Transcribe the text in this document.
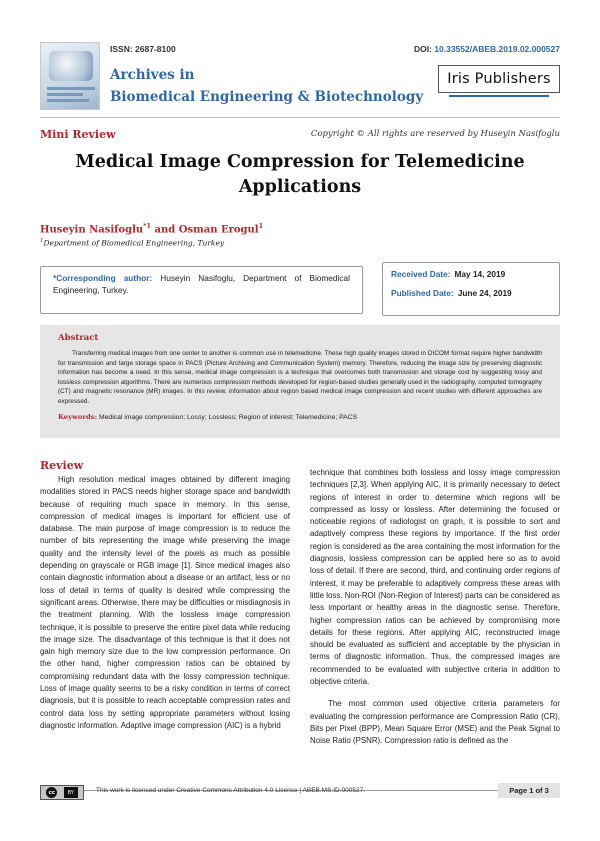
ISSN: 2687-8100
Archives in
Biomedical Engineering & Biotechnology
DOI: 10.33552/ABEB.2019.02.000527
Iris Publishers
Mini Review	Copyright © All rights are reserved by Huseyin Nasifoglu
Medical Image Compression for Telemedicine
Applications
Huseyin Nasifoglu$^{*1}$ and Osman Erogul$^1$
$^1$Department of Biomedical Engineering, Turkey
*Corresponding author: Huseyin Nasifoglu, Department of Biomedical Engineering, Turkey.
Received Date: May 14, 2019
Published Date: June 24, 2019
Abstract
Transferring medical images from one center to another is common use in telemedicine. These high quality images stored in DICOM format require higher bandwidth for transmission and large storage space in PACS (Picture Archiving and Communication System) memory. Therefore, reducing the image size by preserving diagnostic information has become a need. In this sense, medical image compression is a technique that overcomes both transmission and storage cost by suggesting lossy and lossless compression algorithms. There are numerous compression methods developed for region-based studies generally used in the radiography, computed tomography (CT) and magnetic resonance (MR) images. In this review, information about region based medical image compression and recent studies with different approaches are expressed.
Keywords: Medical image compression; Lossy; Lossless; Region of interest; Telemedicine; PACS
Review

High resolution medical images obtained by different imaging modalities stored in PACS needs higher storage space and bandwidth because of requiring much space in memory. In this sense, compression of medical images is important for efficient use of database. The main purpose of image compression is to reduce the number of bits representing the image while preserving the image quality and the intensity level of the pixels as much as possible depending on grayscale or RGB image [1]. Since medical images also contain diagnostic information about a disease or an artifact, less or no loss of detail in terms of quality is desired while compressing the significant areas. Otherwise, there may be difficulties or misdiagnosis in the treatment planning. With the lossless image compression technique, it is possible to preserve the entire pixel data while reducing the image size. The disadvantage of this technique is that it does not gain high memory size due to the low compression performance. On the other hand, higher compression ratios can be obtained by compromising redundant data with the lossy compression technique. Loss of image quality seems to be a risky condition in terms of correct diagnosis, but it is possible to reach acceptable compression rates and control data loss by setting appropriate parameters without losing diagnostic information. Adaptive image compression (AIC) is a hybrid

technique that combines both lossless and lossy image compression techniques [2,3]. When applying AIC, it is primarily necessary to detect regions of interest in order to determine which regions will be compressed as lossy or lossless. After determining the focused or noticeable regions of radiologist on graph, it is possible to sort and adaptively compress these regions by importance. If the first order region is considered as the area containing the most information for the diagnosis, lossless compression can be applied here so as to avoid loss of detail. If there are second, third, and continuing order regions of interest, it may be preferable to adaptively compress these areas with little loss. Non-ROI (Non-Region of Interest) parts can be considered as less important or healthy areas in the diagnostic sense. Therefore, higher compression ratios can be achieved by compromising more details for these regions. After applying AIC, reconstructed image should be evaluated as sufficient and acceptable by the physician in terms of diagnostic information. Thus, the compressed images are recommended to be evaluated with subjective criteria in addition to objective criteria.

The most common used objective criteria parameters for evaluating the compression performance are Compression Ratio (CR), Bits per Pixel (BPP), Mean Square Error (MSE) and the Peak Signal to Noise Ratio (PSNR). Compression ratio is defined as the

cc	BY	This work is licensed under Creative Commons Attribution 4.0 License | ABEB.MS.ID.000527.	Page 1 of 3
